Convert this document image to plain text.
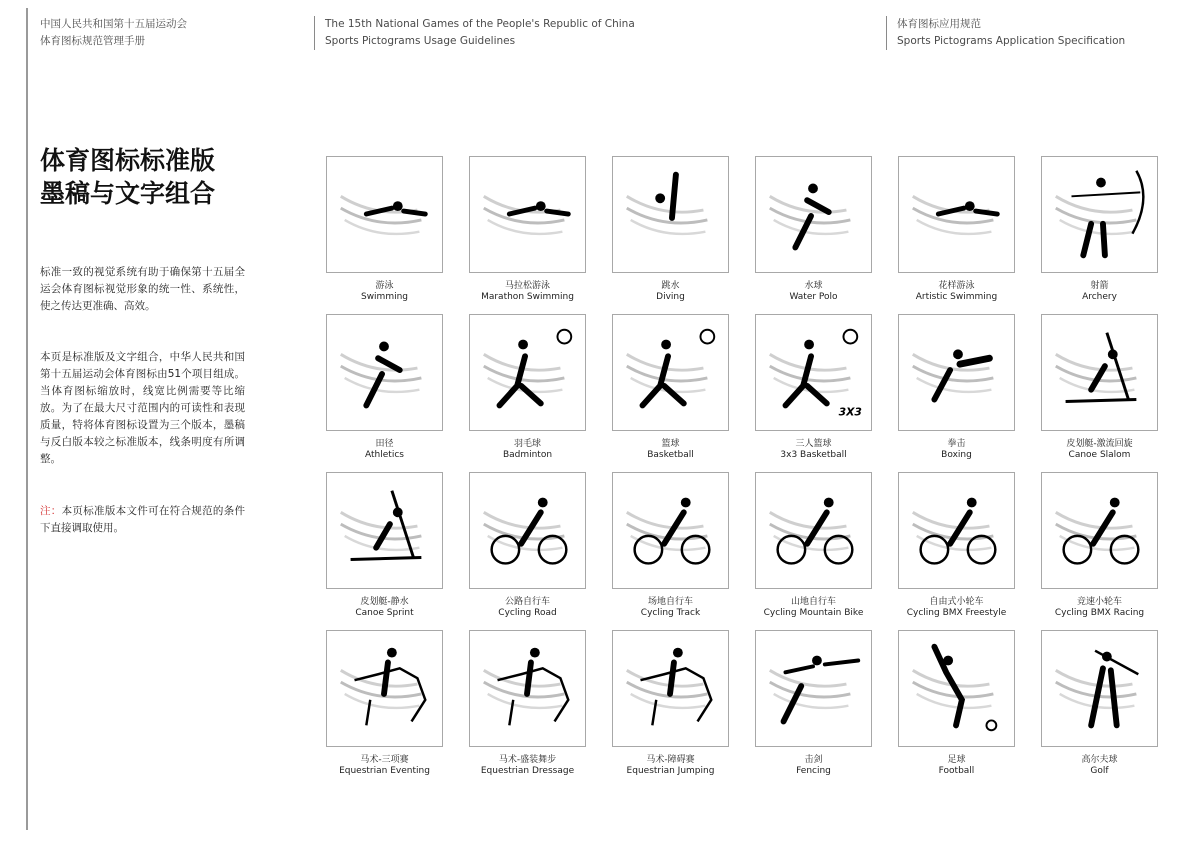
中国人民共和国第十五届运动会
体育图标规范管理手册
The 15th National Games of the People's Republic of China
Sports Pictograms Usage Guidelines
体育图标应用规范
Sports Pictograms Application Specification
体育图标标准版
墨稿与文字组合

标准一致的视觉系统有助于确保第十五届全运会体育图标视觉形象的统一性、系统性，使之传达更准确、高效。

本页是标准版及文字组合，中华人民共和国第十五届运动会体育图标由51个项目组成。当体育图标缩放时，线宽比例需要等比缩放。为了在最大尺寸范围内的可读性和表现质量，特将体育图标设置为三个版本，墨稿与反白版本较之标准版本，线条明度有所调整。

注：本页标准版本文件可在符合规范的条件下直接调取使用。

游泳
Swimming
马拉松游泳
Marathon Swimming
跳水
Diving
水球
Water Polo
花样游泳
Artistic Swimming
射箭
Archery
田径
Athletics
羽毛球
Badminton
篮球
Basketball
3X3
三人篮球
3x3 Basketball
拳击
Boxing
皮划艇-激流回旋
Canoe Slalom
皮划艇-静水
Canoe Sprint
公路自行车
Cycling Road
场地自行车
Cycling Track
山地自行车
Cycling Mountain Bike
自由式小轮车
Cycling BMX Freestyle
竞速小轮车
Cycling BMX Racing
马术-三项赛
Equestrian Eventing
马术-盛装舞步
Equestrian Dressage
马术-障碍赛
Equestrian Jumping
击剑
Fencing
足球
Football
高尔夫球
Golf
